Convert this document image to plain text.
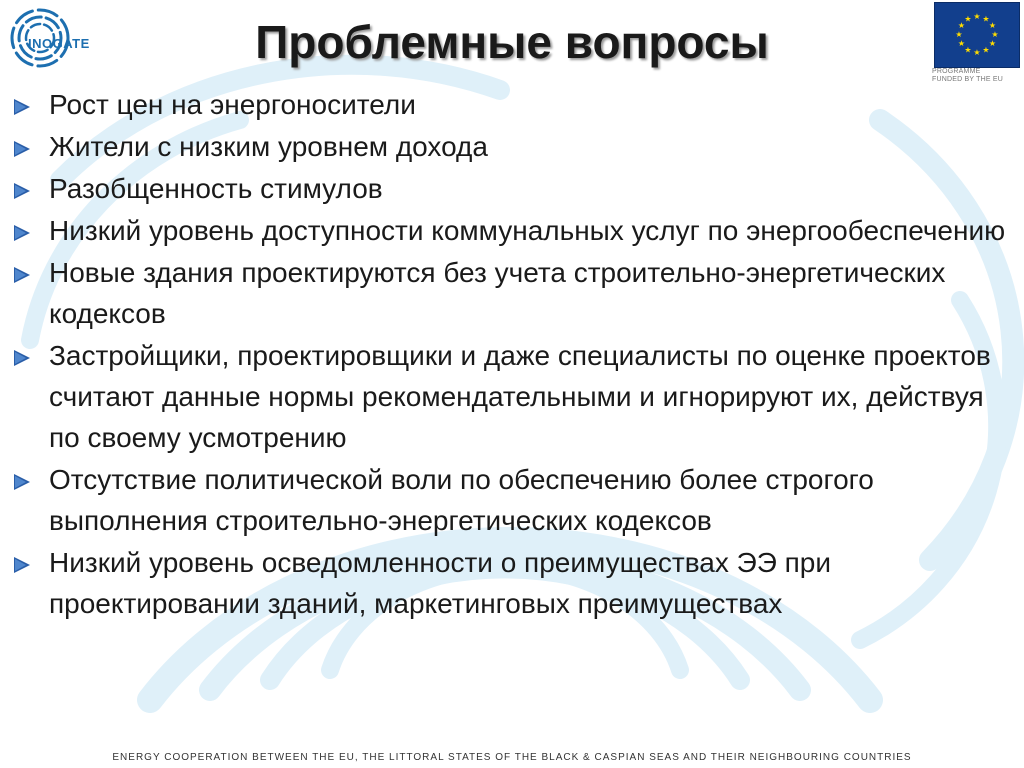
INOGATE	Проблемные вопросы	★ ★
★
★
★
★
★
★
★
★
★
★
PROGRAMME
FUNDED BY THE EU
Рост цен на энергоносители
Жители с низким уровнем дохода
Разобщенность стимулов
Низкий уровень доступности коммунальных услуг по энергообеспечению
Новые здания проектируются без учета строительно-энергетических кодексов
Застройщики, проектировщики и даже специалисты по оценке проектов считают данные нормы рекомендательными и игнорируют их, действуя по своему усмотрению
Отсутствие политической воли по обеспечению более строгого выполнения строительно-энергетических кодексов
Низкий уровень осведомленности о преимуществах ЭЭ при проектировании зданий, маркетинговых преимуществах
ENERGY COOPERATION BETWEEN THE EU, THE LITTORAL STATES OF THE BLACK & CASPIAN SEAS AND THEIR NEIGHBOURING COUNTRIES
